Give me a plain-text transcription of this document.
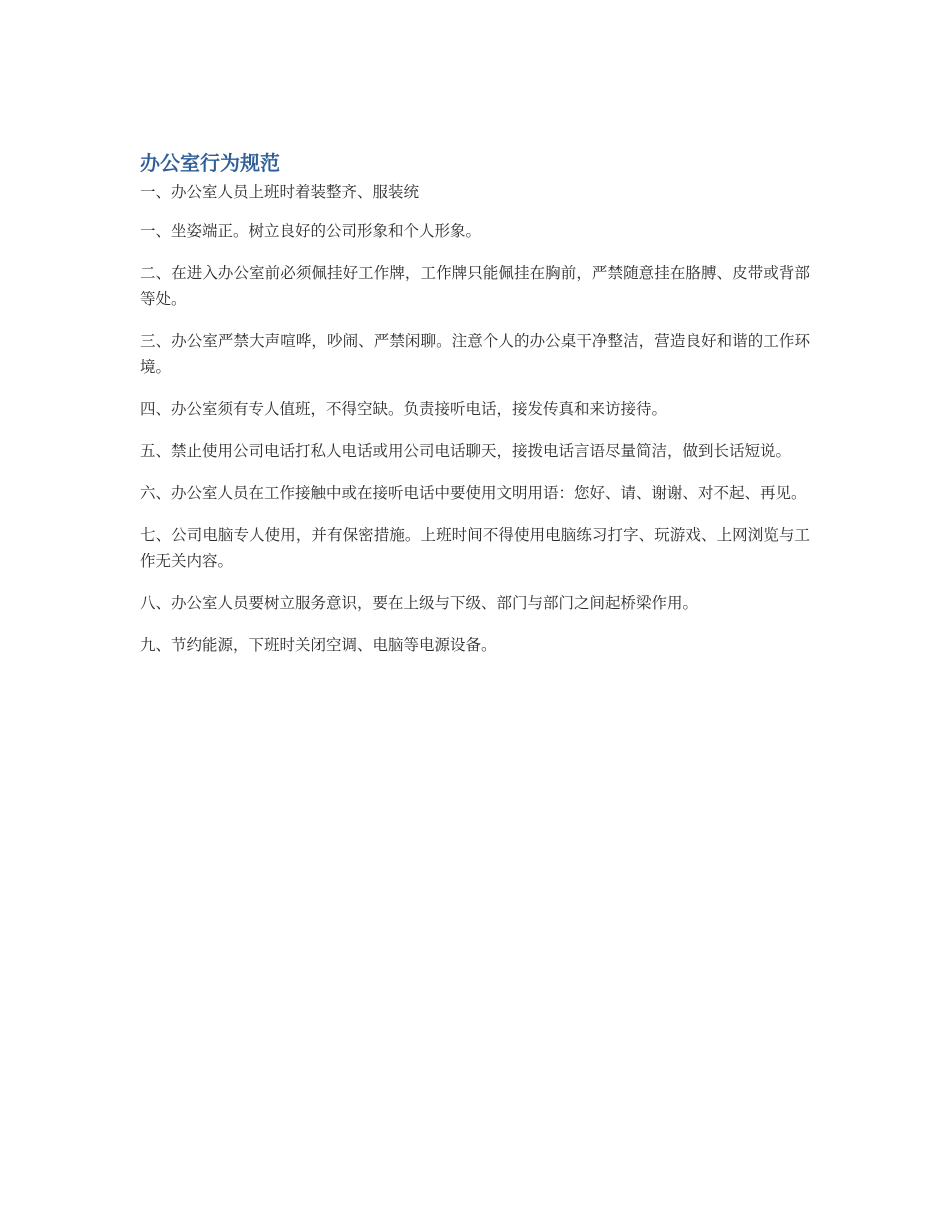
办公室行为规范

一、办公室人员上班时着装整齐、服装统

一、坐姿端正。树立良好的公司形象和个人形象。

二、在进入办公室前必须佩挂好工作牌，工作牌只能佩挂在胸前，严禁随意挂在胳膊、皮带或背部等处。

三、办公室严禁大声喧哗，吵闹、严禁闲聊。注意个人的办公桌干净整洁，营造良好和谐的工作环境。

四、办公室须有专人值班，不得空缺。负责接听电话，接发传真和来访接待。

五、禁止使用公司电话打私人电话或用公司电话聊天，接拨电话言语尽量简洁，做到长话短说。

六、办公室人员在工作接触中或在接听电话中要使用文明用语：您好、请、谢谢、对不起、再见。

七、公司电脑专人使用，并有保密措施。上班时间不得使用电脑练习打字、玩游戏、上网浏览与工作无关内容。

八、办公室人员要树立服务意识，要在上级与下级、部门与部门之间起桥梁作用。

九、节约能源，下班时关闭空调、电脑等电源设备。
